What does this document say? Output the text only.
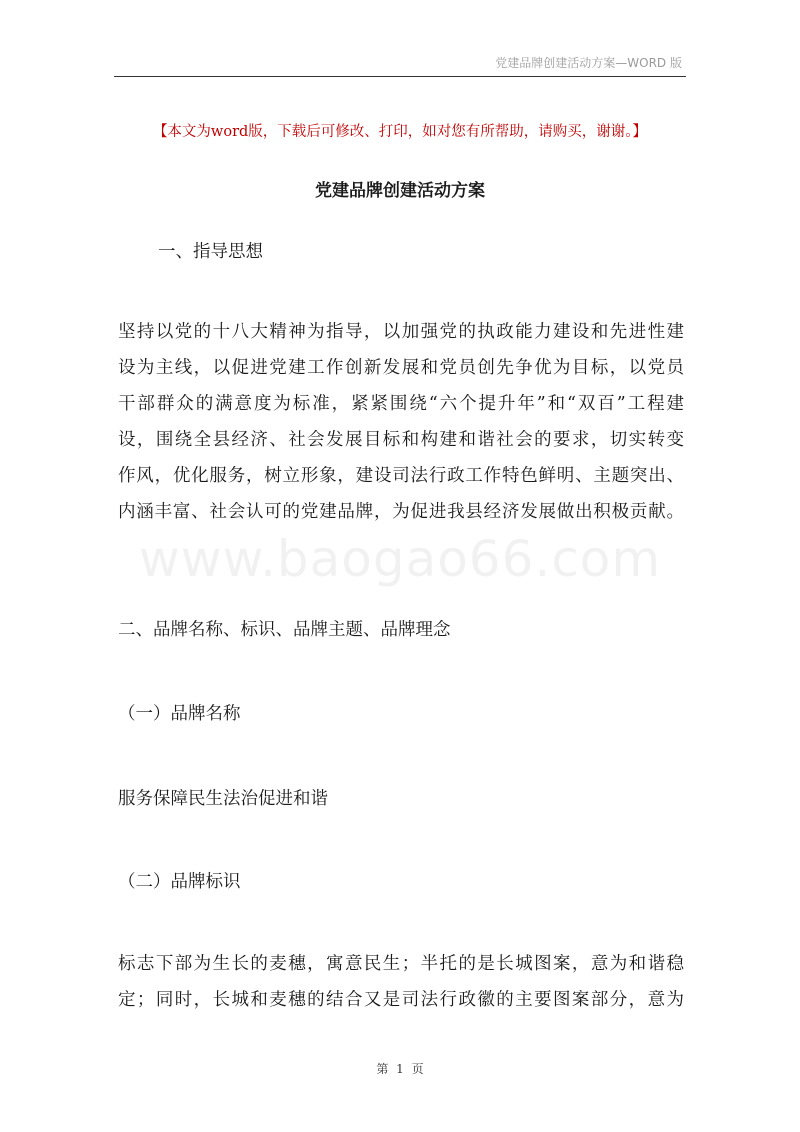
党建品牌创建活动方案—WORD 版
【本文为word版，下载后可修改、打印，如对您有所帮助，请购买，谢谢。】
党建品牌创建活动方案
一、指导思想
坚持以党的十八大精神为指导，以加强党的执政能力建设和先进性建
设为主线，以促进党建工作创新发展和党员创先争优为目标，以党员
干部群众的满意度为标准，紧紧围绕“六个提升年”和“双百”工程建
设，围绕全县经济、社会发展目标和构建和谐社会的要求，切实转变
作风，优化服务，树立形象，建设司法行政工作特色鲜明、主题突出、
内涵丰富、社会认可的党建品牌，为促进我县经济发展做出积极贡献。
www.baogao66.com
二、品牌名称、标识、品牌主题、品牌理念
（一）品牌名称
服务保障民生法治促进和谐
（二）品牌标识
标志下部为生长的麦穗，寓意民生；半托的是长城图案，意为和谐稳
定；同时，长城和麦穗的结合又是司法行政徽的主要图案部分，意为
第 1 页
